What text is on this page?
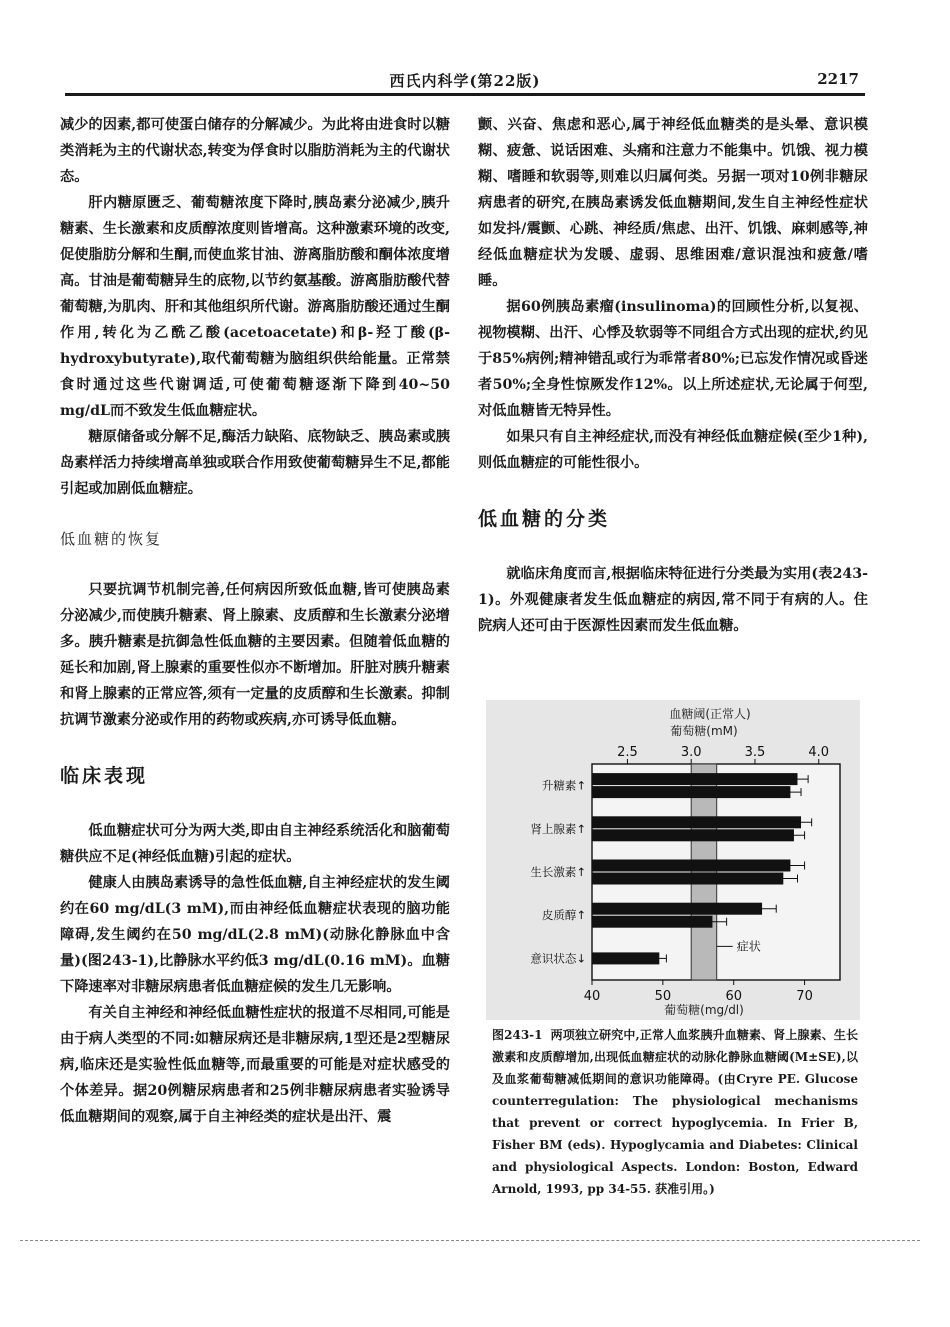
西氏内科学(第22版)	2217

减少的因素,都可使蛋白储存的分解减少。为此将由进食时以糖类消耗为主的代谢状态,转变为俘食时以脂肪消耗为主的代谢状态。

肝内糖原匮乏、葡萄糖浓度下降时,胰岛素分泌减少,胰升糖素、生长激素和皮质醇浓度则皆增高。这种激素环境的改变,促使脂肪分解和生酮,而使血浆甘油、游离脂肪酸和酮体浓度增高。甘油是葡萄糖异生的底物,以节约氨基酸。游离脂肪酸代替葡萄糖,为肌肉、肝和其他组织所代谢。游离脂肪酸还通过生酮作用,转化为乙酰乙酸(acetoacetate)和β-羟丁酸(β-hydroxybutyrate),取代葡萄糖为脑组织供给能量。正常禁食时通过这些代谢调适,可使葡萄糖逐渐下降到40~50 mg/dL而不致发生低血糖症状。

糖原储备或分解不足,酶活力缺陷、底物缺乏、胰岛素或胰岛素样活力持续增高单独或联合作用致使葡萄糖异生不足,都能引起或加剧低血糖症。

低血糖的恢复

只要抗调节机制完善,任何病因所致低血糖,皆可使胰岛素分泌减少,而使胰升糖素、肾上腺素、皮质醇和生长激素分泌增多。胰升糖素是抗御急性低血糖的主要因素。但随着低血糖的延长和加剧,肾上腺素的重要性似亦不断增加。肝脏对胰升糖素和肾上腺素的正常应答,须有一定量的皮质醇和生长激素。抑制抗调节激素分泌或作用的药物或疾病,亦可诱导低血糖。

临床表现

低血糖症状可分为两大类,即由自主神经系统活化和脑葡萄糖供应不足(神经低血糖)引起的症状。

健康人由胰岛素诱导的急性低血糖,自主神经症状的发生阈约在60 mg/dL(3 mM),而由神经低血糖症状表现的脑功能障碍,发生阈约在50 mg/dL(2.8 mM)(动脉化静脉血中含量)(图243-1),比静脉水平约低3 mg/dL(0.16 mM)。血糖下降速率对非糖尿病患者低血糖症候的发生几无影响。

有关自主神经和神经低血糖性症状的报道不尽相同,可能是由于病人类型的不同:如糖尿病还是非糖尿病,1型还是2型糖尿病,临床还是实验性低血糖等,而最重要的可能是对症状感受的个体差异。据20例糖尿病患者和25例非糖尿病患者实验诱导低血糖期间的观察,属于自主神经类的症状是出汗、震

颤、兴奋、焦虑和恶心,属于神经低血糖类的是头晕、意识模糊、疲惫、说话困难、头痛和注意力不能集中。饥饿、视力模糊、嗜睡和软弱等,则难以归属何类。另据一项对10例非糖尿病患者的研究,在胰岛素诱发低血糖期间,发生自主神经性症状如发抖/震颤、心跳、神经质/焦虑、出汗、饥饿、麻刺感等,神经低血糖症状为发暖、虚弱、思维困难/意识混浊和疲惫/嗜睡。

据60例胰岛素瘤(insulinoma)的回顾性分析,以复视、视物模糊、出汗、心悸及软弱等不同组合方式出现的症状,约见于85%病例;精神错乱或行为乖常者80%;已忘发作情况或昏迷者50%;全身性惊厥发作12%。以上所述症状,无论属于何型,对低血糖皆无特异性。

如果只有自主神经症状,而没有神经低血糖症候(至少1种),则低血糖症的可能性很小。

低血糖的分类

就临床角度而言,根据临床特征进行分类最为实用(表243-1)。外观健康者发生低血糖症的病因,常不同于有病的人。住院病人还可由于医源性因素而发生低血糖。

血糖阈(正常人)
葡萄糖(mM)
2.5	3.0	3.5	4.0
升糖素↑
肾上腺素↑
生长激素↑
皮质醇↑
意识状态↓
症状
40	50	60	70
葡萄糖(mg/dl)
图243-1 两项独立研究中,正常人血浆胰升血糖素、肾上腺素、生长激素和皮质醇增加,出现低血糖症状的动脉化静脉血糖阈(M±SE),以及血浆葡萄糖减低期间的意识功能障碍。(由Cryre PE. Glucose counterregulation: The physiological mechanisms that prevent or correct hypoglycemia. In Frier B, Fisher BM (eds). Hypoglycamia and Diabetes: Clinical and physiological Aspects. London: Boston, Edward Arnold, 1993, pp 34-55. 获准引用。)
